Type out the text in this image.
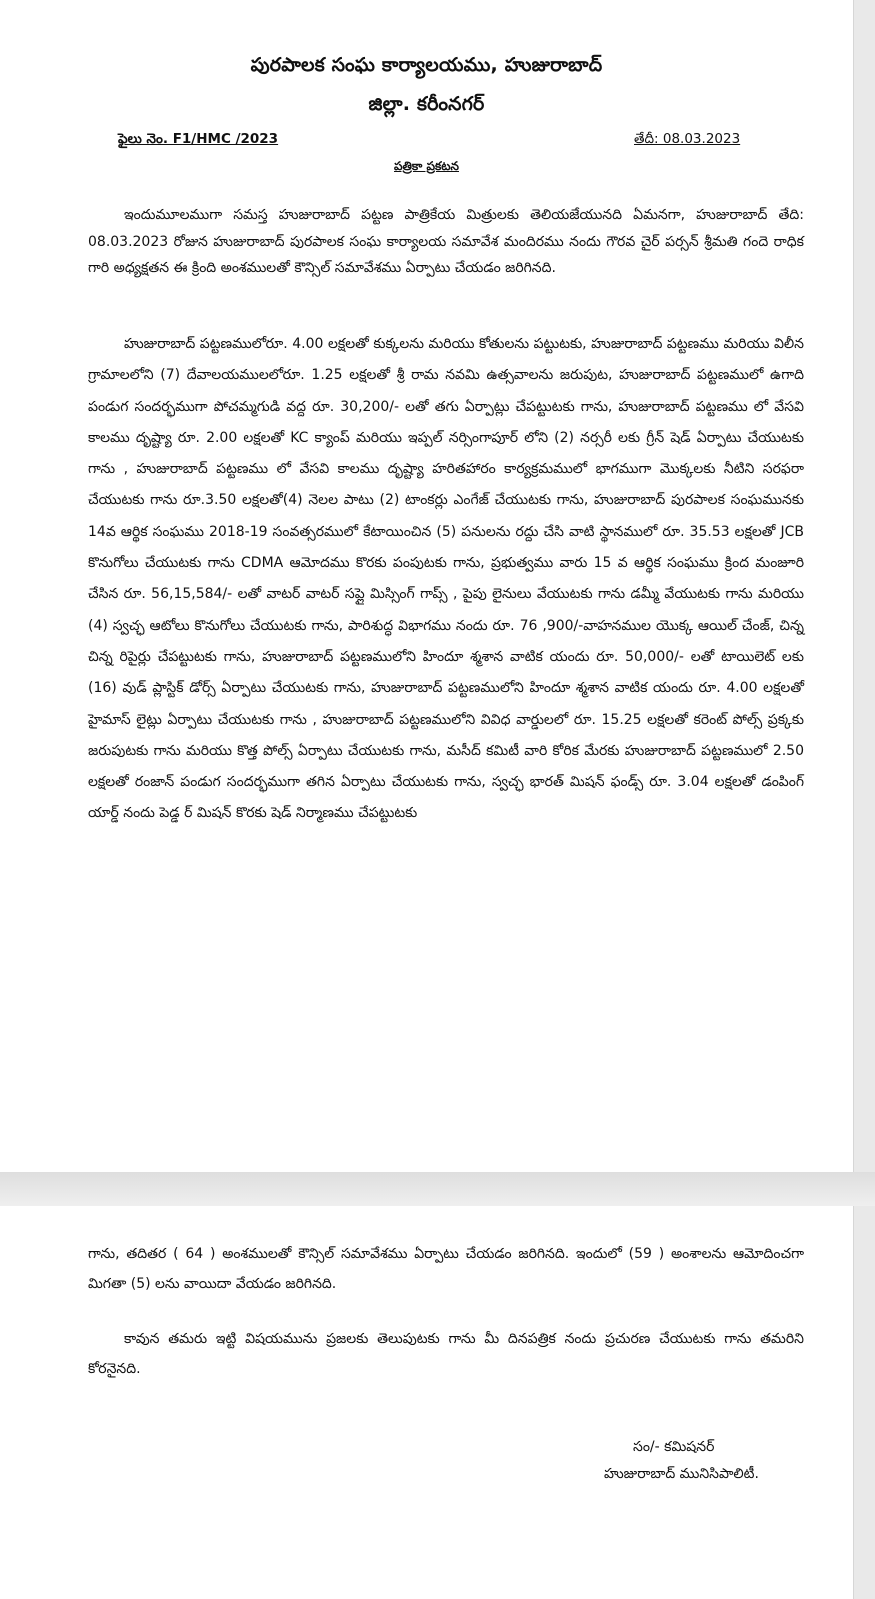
పురపాలక సంఘ కార్యాలయము, హుజురాబాద్
జిల్లా. కరీంనగర్
ఫైలు నెం. F1/HMC /2023	తేదీ: 08.03.2023
పత్రికా ప్రకటన

ఇందుమూలముగా సమస్త హుజురాబాద్ పట్టణ పాత్రికేయ మిత్రులకు తెలియజేయునది ఏమనగా, హుజురాబాద్ తేది: 08.03.2023 రోజున హుజురాబాద్ పురపాలక సంఘ కార్యాలయ సమావేశ మందిరము నందు గౌరవ చైర్ పర్సన్ శ్రీమతి గందె రాధిక గారి అధ్యక్షతన ఈ క్రింది అంశములతో కౌన్సిల్ సమావేశము ఏర్పాటు చేయడం జరిగినది.

హుజురాబాద్ పట్టణములోరూ. 4.00 లక్షలతో కుక్కలను మరియు కోతులను పట్టుటకు, హుజురాబాద్ పట్టణము మరియు విలీన గ్రామాలలోని (7) దేవాలయములలోరూ. 1.25 లక్షలతో శ్రీ రామ నవమి ఉత్సవాలను జరుపుట, హుజురాబాద్ పట్టణములో ఉగాది పండుగ సందర్భముగా పోచమ్మగుడి వద్ద రూ. 30,200/- లతో తగు ఏర్పాట్లు చేపట్టుటకు గాను, హుజురాబాద్ పట్టణము లో వేసవి కాలము దృష్ట్యా రూ. 2.00 లక్షలతో KC క్యాంప్ మరియు ఇప్పల్ నర్సింగాపూర్ లోని (2) నర్సరీ లకు గ్రీన్ షెడ్ ఏర్పాటు చేయుటకు గాను , హుజురాబాద్ పట్టణము లో వేసవి కాలము దృష్ట్యా హరితహారం కార్యక్రమములో భాగముగా మొక్కలకు నీటిని సరఫరా చేయుటకు గాను రూ.3.50 లక్షలతో(4) నెలల పాటు (2) టాంకర్లు ఎంగేజ్ చేయుటకు గాను, హుజురాబాద్ పురపాలక సంఘమునకు 14వ ఆర్థిక సంఘము 2018-19 సంవత్సరములో కేటాయించిన (5) పనులను రద్దు చేసి వాటి స్థానములో రూ. 35.53 లక్షలతో JCB కొనుగోలు చేయుటకు గాను CDMA ఆమోదము కొరకు పంపుటకు గాను, ప్రభుత్వము వారు 15 వ ఆర్థిక సంఘము క్రింద మంజూరి చేసిన రూ. 56,15,584/- లతో వాటర్ వాటర్ సప్లై మిస్సింగ్ గాప్స్ , పైపు లైనులు వేయుటకు గాను డమ్మీ వేయుటకు గాను మరియు (4) స్వచ్ఛ ఆటోలు కొనుగోలు చేయుటకు గాను, పారిశుద్ధ విభాగము నందు రూ. 76 ,900/-వాహనముల యొక్క ఆయిల్ చేంజ్, చిన్న చిన్న రిపైర్లు చేపట్టుటకు గాను, హుజురాబాద్ పట్టణములోని హిందూ శ్మశాన వాటిక యందు రూ. 50,000/- లతో టాయిలెట్ లకు (16) వుడ్ ప్లాస్టిక్ డోర్స్ ఏర్పాటు చేయుటకు గాను, హుజురాబాద్ పట్టణములోని హిందూ శ్మశాన వాటిక యందు రూ. 4.00 లక్షలతో హైమాస్ లైట్లు ఏర్పాటు చేయుటకు గాను , హుజురాబాద్ పట్టణములోని వివిధ వార్డులలో రూ. 15.25 లక్షలతో కరెంట్ పోల్స్ ప్రక్కకు జరుపుటకు గాను మరియు కొత్త పోల్స్ ఏర్పాటు చేయుటకు గాను, మసీద్ కమిటీ వారి కోరిక మేరకు హుజురాబాద్ పట్టణములో 2.50 లక్షలతో రంజాన్ పండుగ సందర్భముగా తగిన ఏర్పాటు చేయుటకు గాను, స్వచ్ఛ భారత్ మిషన్ ఫండ్స్ రూ. 3.04 లక్షలతో డంపింగ్ యార్డ్ నందు పెడ్డ ర్ మిషన్ కొరకు షెడ్ నిర్మాణము చేపట్టుటకు

గాను, తదితర ( 64 ) అంశములతో కౌన్సిల్ సమావేశము ఏర్పాటు చేయడం జరిగినది. ఇందులో (59 ) అంశాలను ఆమోదించగా మిగతా (5) లను వాయిదా వేయడం జరిగినది.

కావున తమరు ఇట్టి విషయమును ప్రజలకు తెలుపుటకు గాను మీ దినపత్రిక నందు ప్రచురణ చేయుటకు గాను తమరిని కోరనైనది.

సం/- కమిషనర్
హుజురాబాద్ మునిసిపాలిటీ.
